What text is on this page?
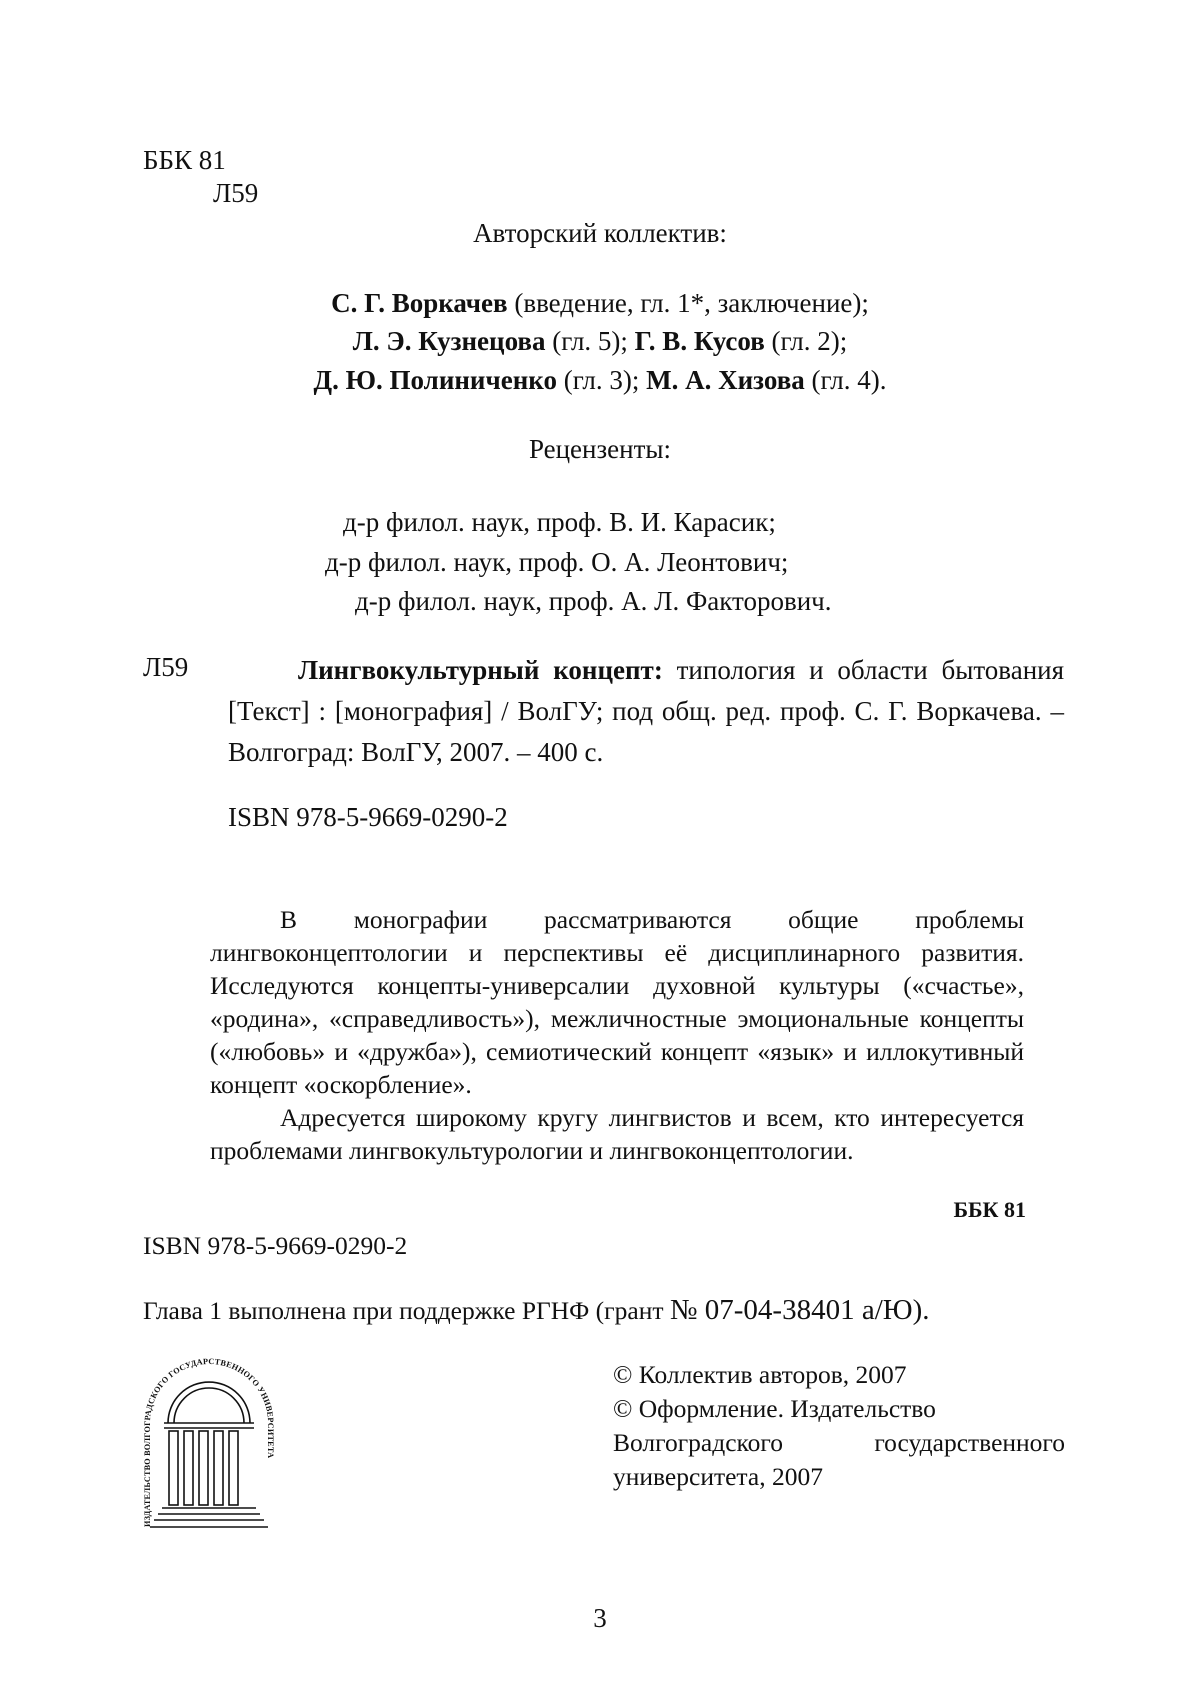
ББК 81
Л59
Авторский коллектив:
С. Г. Воркачев (введение, гл. 1*, заключение);
Л. Э. Кузнецова (гл. 5); Г. В. Кусов (гл. 2);
Д. Ю. Полиниченко (гл. 3); М. А. Хизова (гл. 4).
Рецензенты:
д-р филол. наук, проф. В. И. Карасик;
д-р филол. наук, проф. О. А. Леонтович;
д-р филол. наук, проф. А. Л. Факторович.
Л59	Лингвокультурный концепт: типология и области бытования [Текст] : [монография] / ВолГУ; под общ. ред. проф. С. Г. Воркачева. – Волгоград: ВолГУ, 2007. – 400 с.
ISBN 978-5-9669-0290-2

В монографии рассматриваются общие проблемы лингвоконцептологии и перспективы её дисциплинарного развития. Исследуются концепты-универсалии духовной культуры («счастье», «родина», «справедливость»), межличностные эмоциональные концепты («любовь» и «дружба»), семиотический концепт «язык» и иллокутивный концепт «оскорбление».

Адресуется широкому кругу лингвистов и всем, кто интересуется проблемами лингвокультурологии и лингвоконцептологии.

ББК 81
ISBN 978-5-9669-0290-2
Глава 1 выполнена при поддержке РГНФ (грант № 07-04-38401 а/Ю).
ИЗДАТЕЛЬСТВО ВОЛГОГРАДСКОГО ГОСУДАРСТВЕННОГО УНИВЕРСИТЕТА
© Коллектив авторов, 2007
© Оформление. Издательство
Волгоградского государственного
университета, 2007
3
